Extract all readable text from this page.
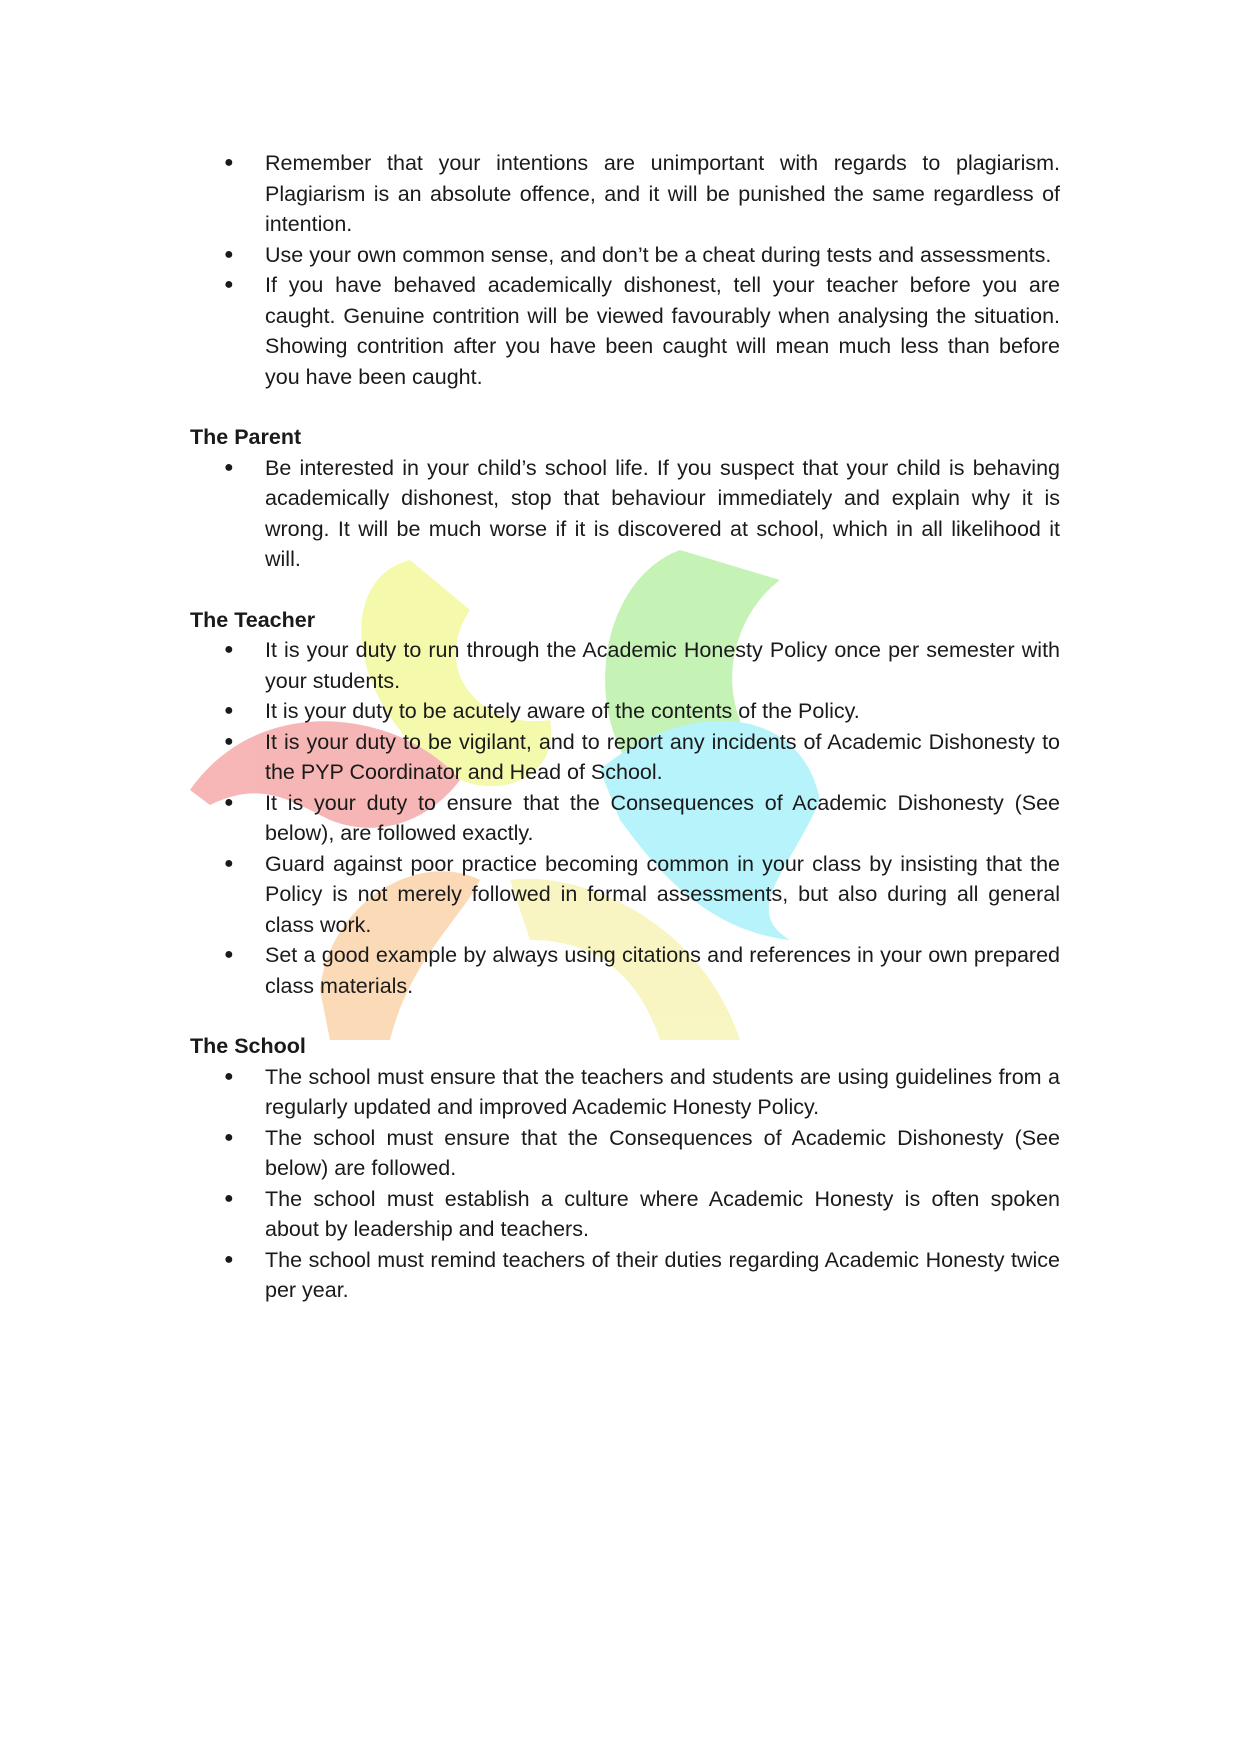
● Remember that your intentions are unimportant with regards to plagiarism. Plagiarism is an absolute offence, and it will be punished the same regardless of intention.
● Use your own common sense, and don’t be a cheat during tests and assessments.
● If you have behaved academically dishonest, tell your teacher before you are caught. Genuine contrition will be viewed favourably when analysing the situation. Showing contrition after you have been caught will mean much less than before you have been caught.
The Parent
● Be interested in your child’s school life. If you suspect that your child is behaving academically dishonest, stop that behaviour immediately and explain why it is wrong. It will be much worse if it is discovered at school, which in all likelihood it will.
The Teacher
● It is your duty to run through the Academic Honesty Policy once per semester with your students.
● It is your duty to be acutely aware of the contents of the Policy.
● It is your duty to be vigilant, and to report any incidents of Academic Dishonesty to the PYP Coordinator and Head of School.
● It is your duty to ensure that the Consequences of Academic Dishonesty (See below), are followed exactly.
● Guard against poor practice becoming common in your class by insisting that the Policy is not merely followed in formal assessments, but also during all general class work.
● Set a good example by always using citations and references in your own prepared class materials.
The School
● The school must ensure that the teachers and students are using guidelines from a regularly updated and improved Academic Honesty Policy.
● The school must ensure that the Consequences of Academic Dishonesty (See below) are followed.
● The school must establish a culture where Academic Honesty is often spoken about by leadership and teachers.
● The school must remind teachers of their duties regarding Academic Honesty twice per year.
